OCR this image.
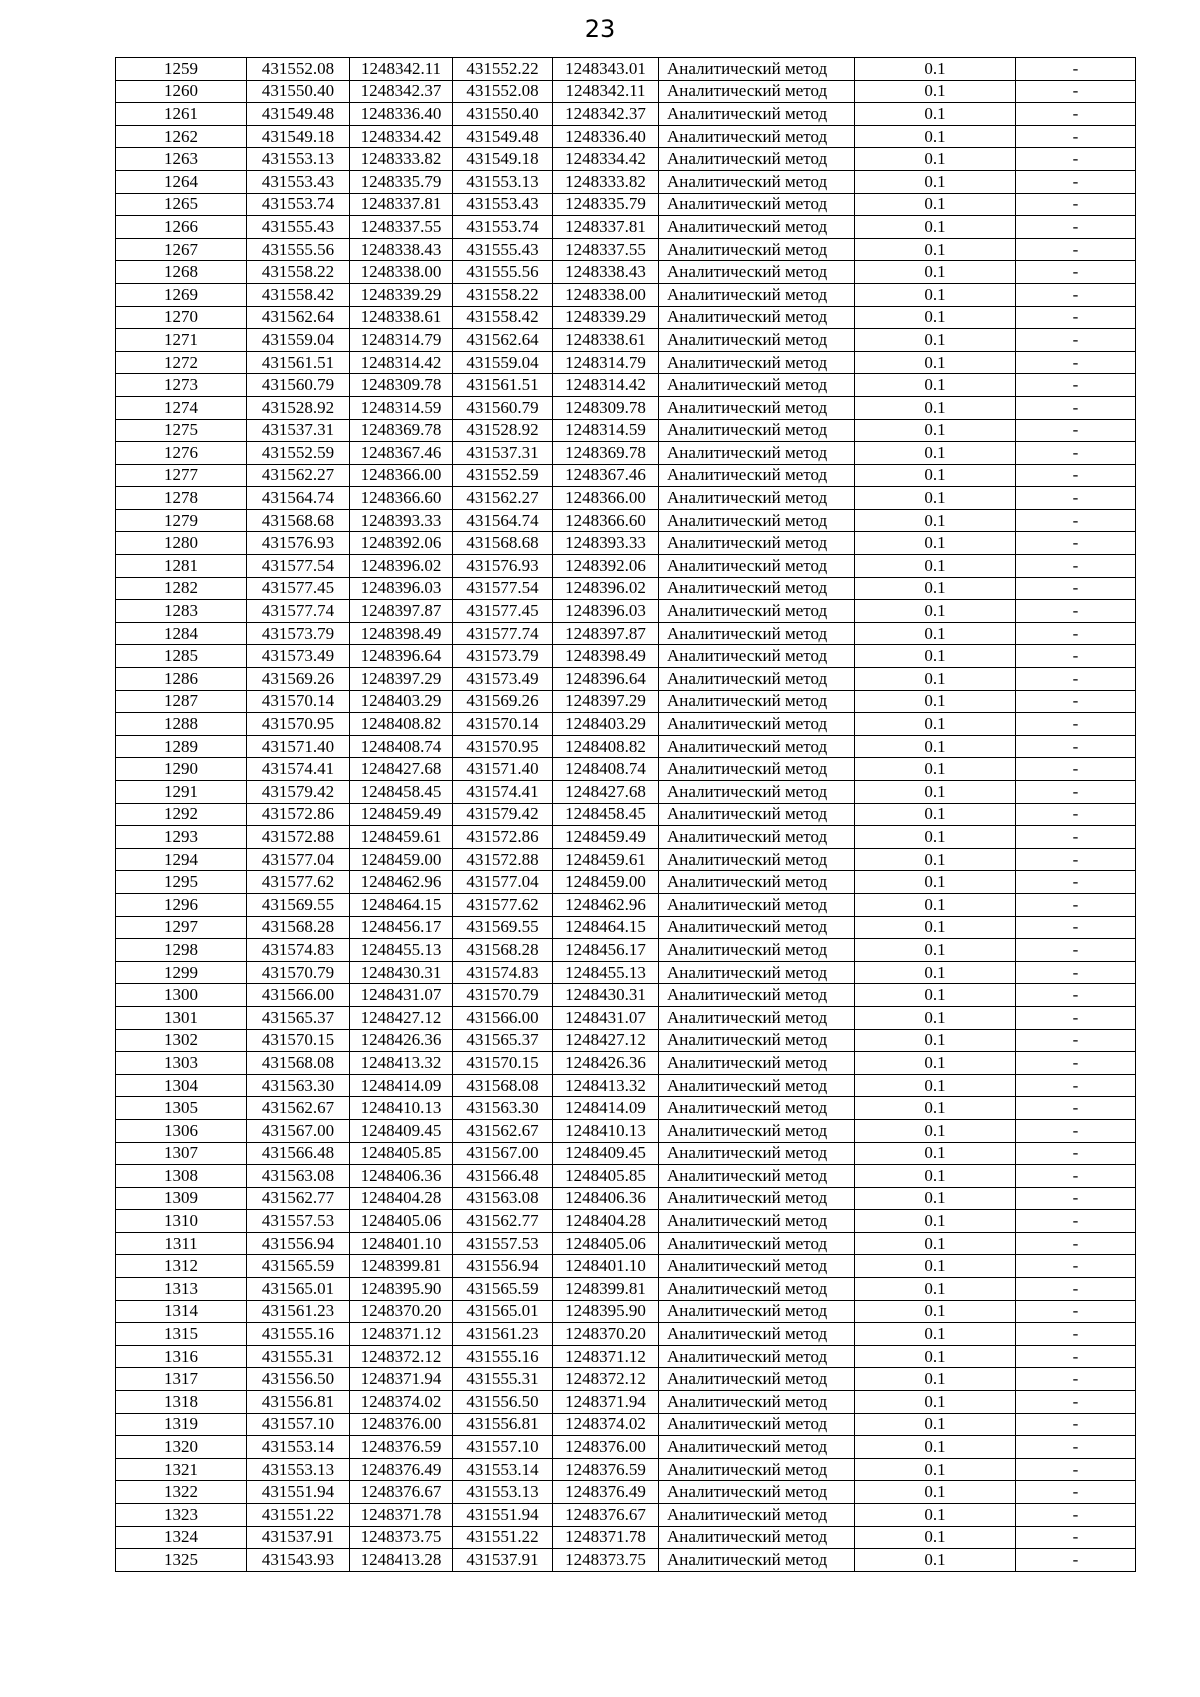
23
1259	431552.08	1248342.11	431552.22	1248343.01	Аналитический метод	0.1	-
1260	431550.40	1248342.37	431552.08	1248342.11	Аналитический метод	0.1	-
1261	431549.48	1248336.40	431550.40	1248342.37	Аналитический метод	0.1	-
1262	431549.18	1248334.42	431549.48	1248336.40	Аналитический метод	0.1	-
1263	431553.13	1248333.82	431549.18	1248334.42	Аналитический метод	0.1	-
1264	431553.43	1248335.79	431553.13	1248333.82	Аналитический метод	0.1	-
1265	431553.74	1248337.81	431553.43	1248335.79	Аналитический метод	0.1	-
1266	431555.43	1248337.55	431553.74	1248337.81	Аналитический метод	0.1	-
1267	431555.56	1248338.43	431555.43	1248337.55	Аналитический метод	0.1	-
1268	431558.22	1248338.00	431555.56	1248338.43	Аналитический метод	0.1	-
1269	431558.42	1248339.29	431558.22	1248338.00	Аналитический метод	0.1	-
1270	431562.64	1248338.61	431558.42	1248339.29	Аналитический метод	0.1	-
1271	431559.04	1248314.79	431562.64	1248338.61	Аналитический метод	0.1	-
1272	431561.51	1248314.42	431559.04	1248314.79	Аналитический метод	0.1	-
1273	431560.79	1248309.78	431561.51	1248314.42	Аналитический метод	0.1	-
1274	431528.92	1248314.59	431560.79	1248309.78	Аналитический метод	0.1	-
1275	431537.31	1248369.78	431528.92	1248314.59	Аналитический метод	0.1	-
1276	431552.59	1248367.46	431537.31	1248369.78	Аналитический метод	0.1	-
1277	431562.27	1248366.00	431552.59	1248367.46	Аналитический метод	0.1	-
1278	431564.74	1248366.60	431562.27	1248366.00	Аналитический метод	0.1	-
1279	431568.68	1248393.33	431564.74	1248366.60	Аналитический метод	0.1	-
1280	431576.93	1248392.06	431568.68	1248393.33	Аналитический метод	0.1	-
1281	431577.54	1248396.02	431576.93	1248392.06	Аналитический метод	0.1	-
1282	431577.45	1248396.03	431577.54	1248396.02	Аналитический метод	0.1	-
1283	431577.74	1248397.87	431577.45	1248396.03	Аналитический метод	0.1	-
1284	431573.79	1248398.49	431577.74	1248397.87	Аналитический метод	0.1	-
1285	431573.49	1248396.64	431573.79	1248398.49	Аналитический метод	0.1	-
1286	431569.26	1248397.29	431573.49	1248396.64	Аналитический метод	0.1	-
1287	431570.14	1248403.29	431569.26	1248397.29	Аналитический метод	0.1	-
1288	431570.95	1248408.82	431570.14	1248403.29	Аналитический метод	0.1	-
1289	431571.40	1248408.74	431570.95	1248408.82	Аналитический метод	0.1	-
1290	431574.41	1248427.68	431571.40	1248408.74	Аналитический метод	0.1	-
1291	431579.42	1248458.45	431574.41	1248427.68	Аналитический метод	0.1	-
1292	431572.86	1248459.49	431579.42	1248458.45	Аналитический метод	0.1	-
1293	431572.88	1248459.61	431572.86	1248459.49	Аналитический метод	0.1	-
1294	431577.04	1248459.00	431572.88	1248459.61	Аналитический метод	0.1	-
1295	431577.62	1248462.96	431577.04	1248459.00	Аналитический метод	0.1	-
1296	431569.55	1248464.15	431577.62	1248462.96	Аналитический метод	0.1	-
1297	431568.28	1248456.17	431569.55	1248464.15	Аналитический метод	0.1	-
1298	431574.83	1248455.13	431568.28	1248456.17	Аналитический метод	0.1	-
1299	431570.79	1248430.31	431574.83	1248455.13	Аналитический метод	0.1	-
1300	431566.00	1248431.07	431570.79	1248430.31	Аналитический метод	0.1	-
1301	431565.37	1248427.12	431566.00	1248431.07	Аналитический метод	0.1	-
1302	431570.15	1248426.36	431565.37	1248427.12	Аналитический метод	0.1	-
1303	431568.08	1248413.32	431570.15	1248426.36	Аналитический метод	0.1	-
1304	431563.30	1248414.09	431568.08	1248413.32	Аналитический метод	0.1	-
1305	431562.67	1248410.13	431563.30	1248414.09	Аналитический метод	0.1	-
1306	431567.00	1248409.45	431562.67	1248410.13	Аналитический метод	0.1	-
1307	431566.48	1248405.85	431567.00	1248409.45	Аналитический метод	0.1	-
1308	431563.08	1248406.36	431566.48	1248405.85	Аналитический метод	0.1	-
1309	431562.77	1248404.28	431563.08	1248406.36	Аналитический метод	0.1	-
1310	431557.53	1248405.06	431562.77	1248404.28	Аналитический метод	0.1	-
1311	431556.94	1248401.10	431557.53	1248405.06	Аналитический метод	0.1	-
1312	431565.59	1248399.81	431556.94	1248401.10	Аналитический метод	0.1	-
1313	431565.01	1248395.90	431565.59	1248399.81	Аналитический метод	0.1	-
1314	431561.23	1248370.20	431565.01	1248395.90	Аналитический метод	0.1	-
1315	431555.16	1248371.12	431561.23	1248370.20	Аналитический метод	0.1	-
1316	431555.31	1248372.12	431555.16	1248371.12	Аналитический метод	0.1	-
1317	431556.50	1248371.94	431555.31	1248372.12	Аналитический метод	0.1	-
1318	431556.81	1248374.02	431556.50	1248371.94	Аналитический метод	0.1	-
1319	431557.10	1248376.00	431556.81	1248374.02	Аналитический метод	0.1	-
1320	431553.14	1248376.59	431557.10	1248376.00	Аналитический метод	0.1	-
1321	431553.13	1248376.49	431553.14	1248376.59	Аналитический метод	0.1	-
1322	431551.94	1248376.67	431553.13	1248376.49	Аналитический метод	0.1	-
1323	431551.22	1248371.78	431551.94	1248376.67	Аналитический метод	0.1	-
1324	431537.91	1248373.75	431551.22	1248371.78	Аналитический метод	0.1	-
1325	431543.93	1248413.28	431537.91	1248373.75	Аналитический метод	0.1	-
